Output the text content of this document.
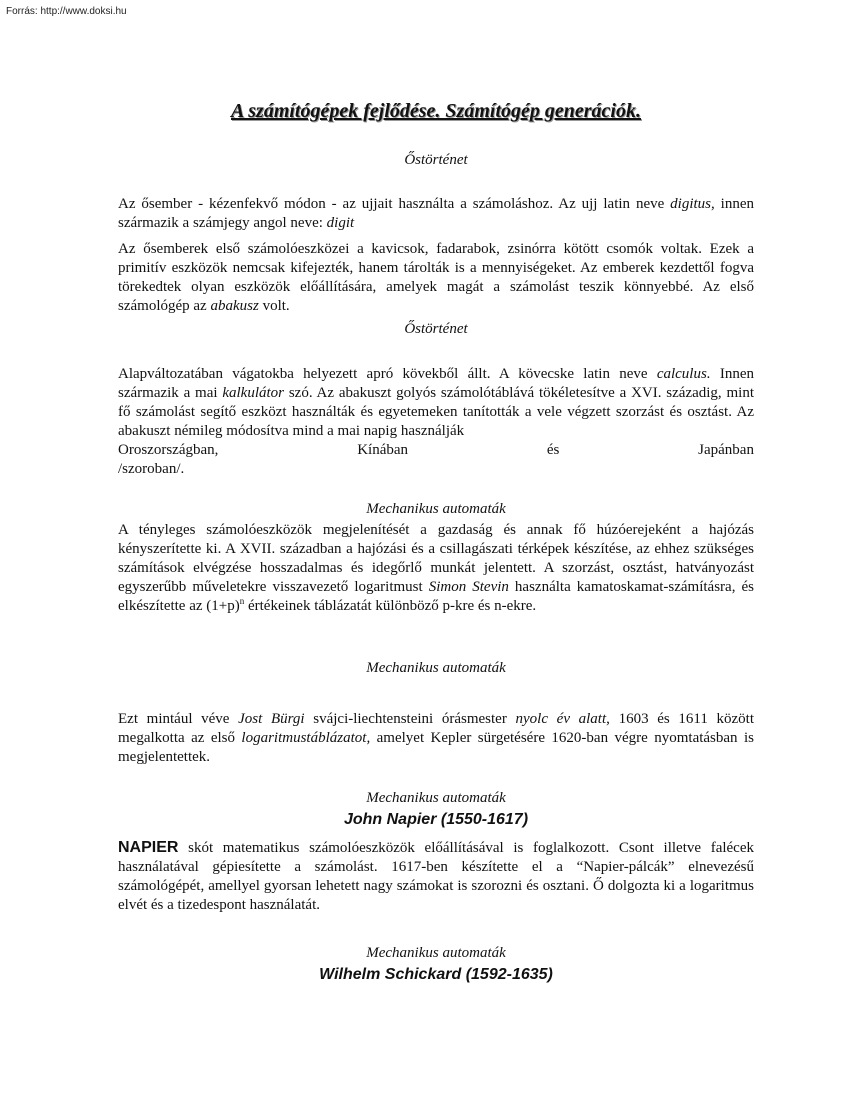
Forrás: http://www.doksi.hu
A számítógépek fejlődése. Számítógép generációk.
Őstörténet

Az ősember - kézenfekvő módon - az ujjait használta a számoláshoz. Az ujj latin neve digitus, innen származik a számjegy angol neve: digit

Az ősemberek első számolóeszközei a kavicsok, fadarabok, zsinórra kötött csomók voltak. Ezek a primitív eszközök nemcsak kifejezték, hanem tárolták is a mennyiségeket. Az emberek kezdettől fogva törekedtek olyan eszközök előállítására, amelyek magát a számolást teszik könnyebbé. Az első számológép az abakusz volt.

Őstörténet
Alapváltozatában vágatokba helyezett apró kövekből állt. A kövecske latin neve calculus. Innen származik a mai kalkulátor szó. Az abakuszt golyós számolótáblává tökéletesítve a XVI. századig, mint fő számolást segítő eszközt használták és egyetemeken tanították a vele végzett szorzást és osztást. Az abakuszt némileg módosítva mind a mai napig használják
Oroszországban,	Kínában	és	Japánban
/szoroban/.
Mechanikus automaták

A tényleges számolóeszközök megjelenítését a gazdaság és annak fő húzóerejeként a hajózás kényszerítette ki. A XVII. században a hajózási és a csillagászati térképek készítése, az ehhez szükséges számítások elvégzése hosszadalmas és idegőrlő munkát jelentett. A szorzást, osztást, hatványozást egyszerűbb műveletekre visszavezető logaritmust Simon Stevin használta kamatoskamat-számításra, és elkészítette az $(1+p)^n$ értékeinek táblázatát különböző p-kre és n-ekre.

Mechanikus automaták

Ezt mintául véve Jost Bürgi svájci-liechtensteini órásmester nyolc év alatt, 1603 és 1611 között megalkotta az első logaritmustáblázatot, amelyet Kepler sürgetésére 1620-ban végre nyomtatásban is megjelentettek.

Mechanikus automaták
John Napier (1550-1617)

NAPIER skót matematikus számolóeszközök előállításával is foglalkozott. Csont illetve falécek használatával gépiesítette a számolást. 1617-ben készítette el a “Napier-pálcák” elnevezésű számológépét, amellyel gyorsan lehetett nagy számokat is szorozni és osztani. Ő dolgozta ki a logaritmus elvét és a tizedespont használatát.

Mechanikus automaták
Wilhelm Schickard (1592-1635)
